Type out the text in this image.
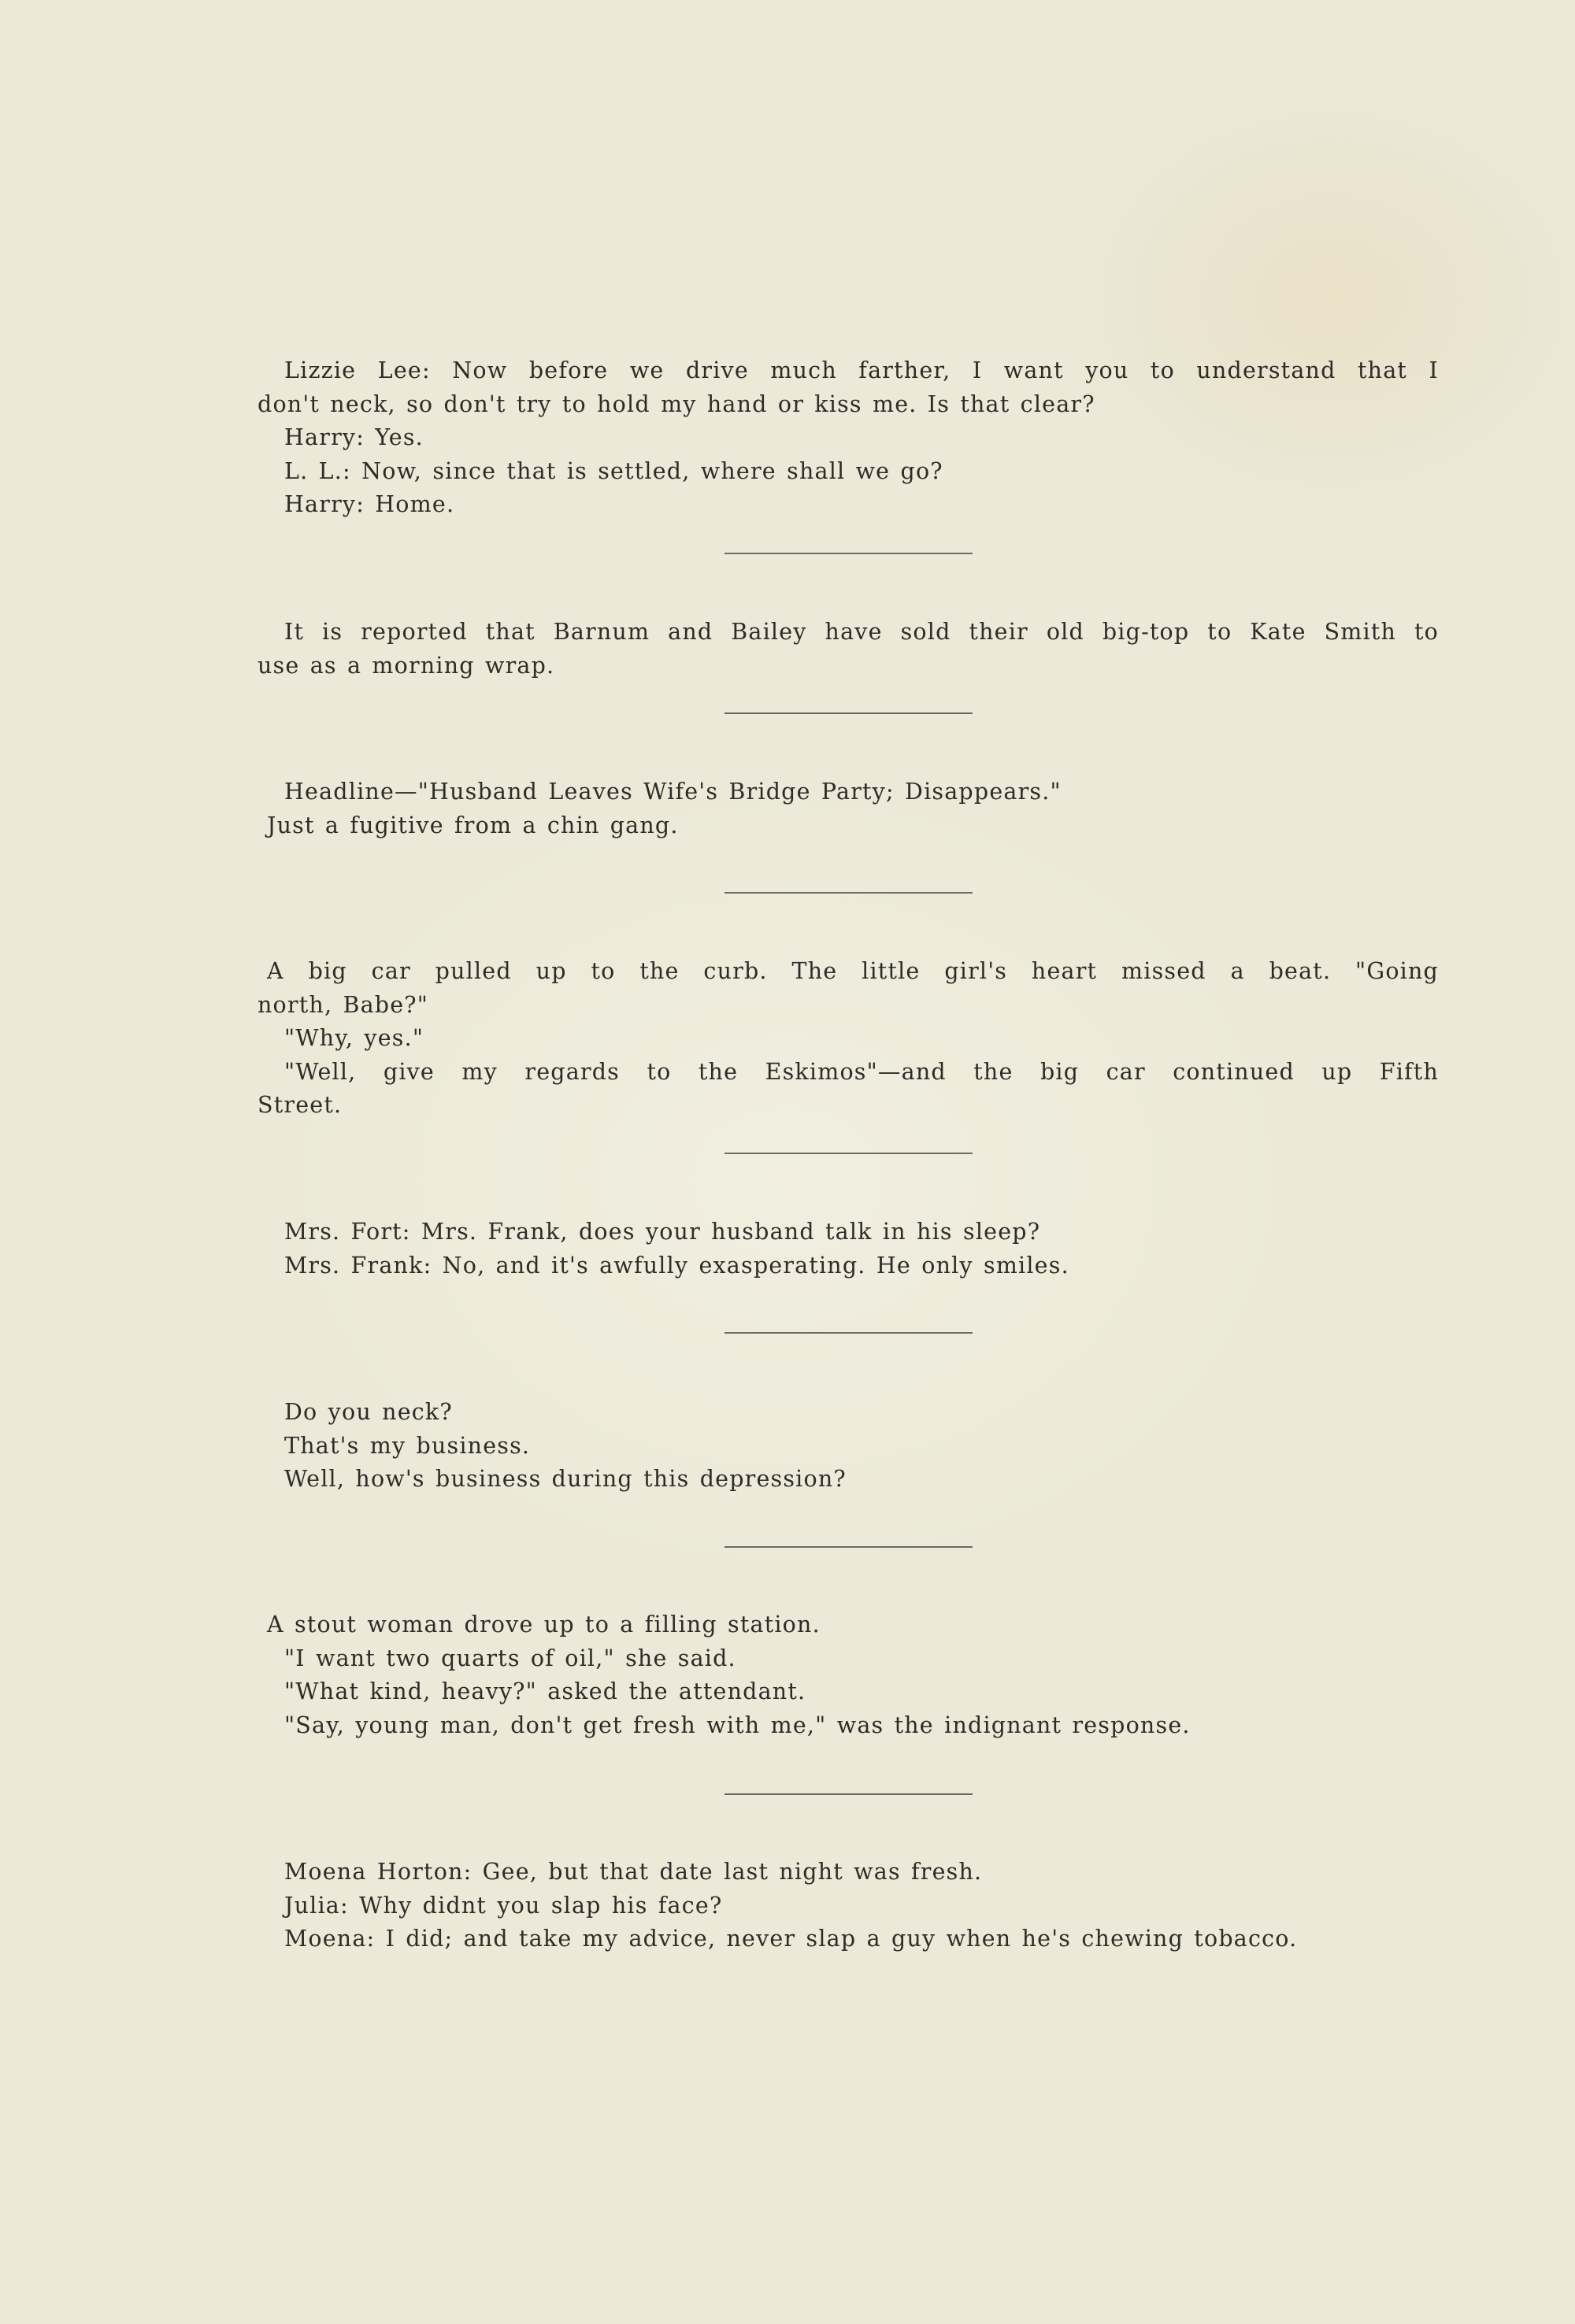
Lizzie Lee: Now before we drive much farther, I want you to understand that I
don't neck, so don't try to hold my hand or kiss me. Is that clear?
Harry: Yes.
L. L.: Now, since that is settled, where shall we go?
Harry: Home.
It is reported that Barnum and Bailey have sold their old big-top to Kate Smith to
use as a morning wrap.
Headline—"Husband Leaves Wife's Bridge Party; Disappears."
Just a fugitive from a chin gang.
A big car pulled up to the curb. The little girl's heart missed a beat. "Going
north, Babe?"
"Why, yes."
"Well, give my regards to the Eskimos"—and the big car continued up Fifth
Street.
Mrs. Fort: Mrs. Frank, does your husband talk in his sleep?
Mrs. Frank: No, and it's awfully exasperating. He only smiles.
Do you neck?
That's my business.
Well, how's business during this depression?
A stout woman drove up to a filling station.
"I want two quarts of oil," she said.
"What kind, heavy?" asked the attendant.
"Say, young man, don't get fresh with me," was the indignant response.
Moena Horton: Gee, but that date last night was fresh.
Julia: Why didnt you slap his face?
Moena: I did; and take my advice, never slap a guy when he's chewing tobacco.
